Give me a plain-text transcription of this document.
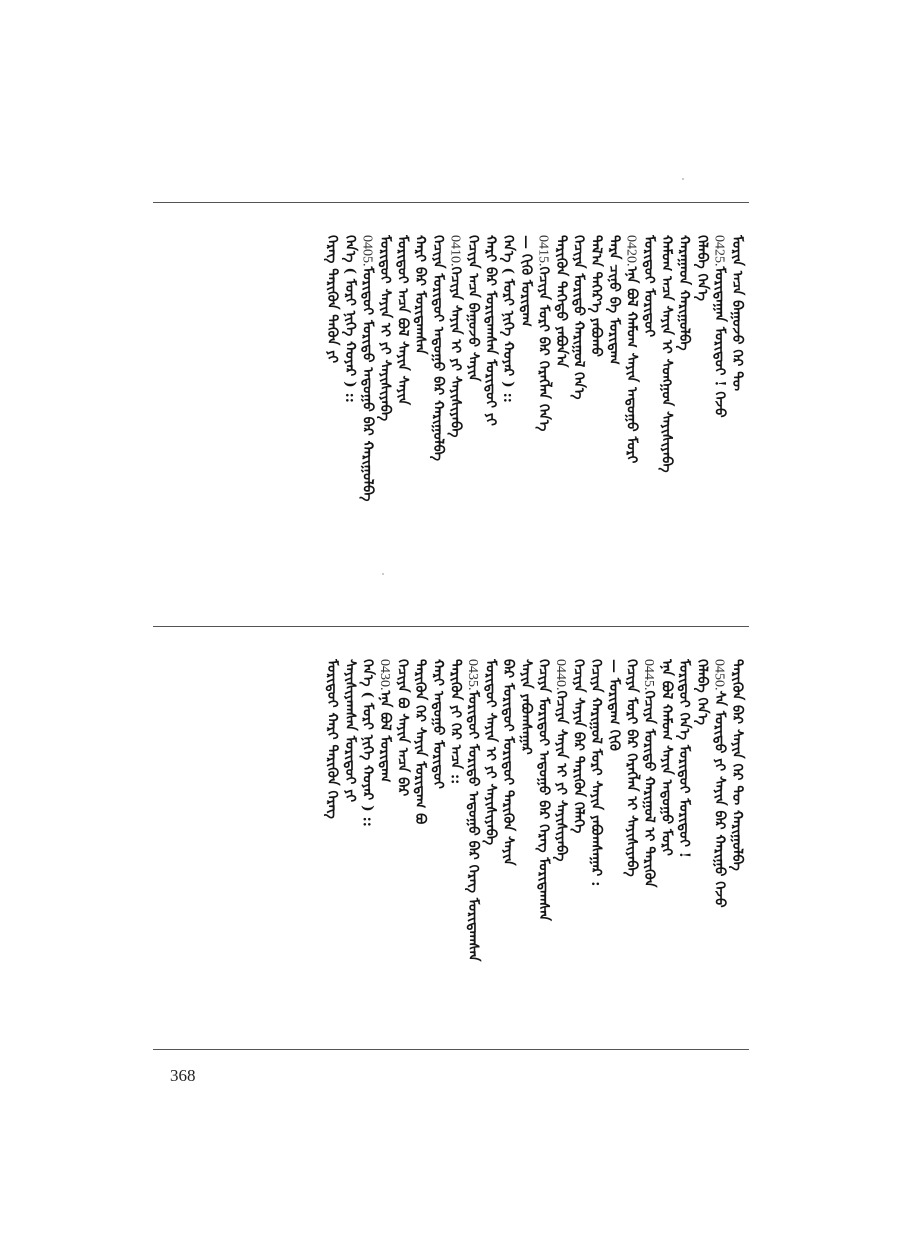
ᠮᠣᠷᠢᠨ ᠠᠴᠠ ᠪᠠᠭᠤᠵᠤ ᠭᠡᠷ ᠲᠦ
0425.ᠮᠣᠷᠢᠳᠠᠭᠠᠨ ᠮᠣᠷᠢᠳᠤᠢ ! ᠭᠡᠵᠦ
ᠬᠡᠯᠡᠪᠡ ᠭᠡᠨ᠎ᠡ
ᠬᠠᠷᠠᠭᠠᠳ ᠬᠠᠷᠢᠭᠤᠯᠪᠠ
ᠬᠠᠮᠤᠭ ᠠᠴᠠ ᠰᠠᠶᠢᠨ ᠢ ᠰᠣᠩᠭᠤᠨ ᠰᠠᠶᠢᠰᠢᠶᠠᠪᠠ
ᠮᠣᠷᠢᠳᠤᠢ ᠮᠣᠷᠢᠳᠤᠢ
0420.ᠡᠨᠡ ᠪᠣᠯ ᠬᠠᠮᠤᠭ ᠰᠠᠶᠢᠨ ᠠᠳᠤᠭᠤ ᠮᠣᠷᠢ
ᠲᠡᠷᠡ ᠴᠢᠨᠦ ᠪᠡ ᠮᠣᠷᠢᠳᠠᠭ
ᠲᠠᠯ᠎ᠠ ᠳᠡᠭᠡᠷ᠎ᠡ ᠶᠠᠪᠤᠬᠤ
ᠬᠡᠴᠢᠶᠡ ᠮᠣᠷᠢᠳᠤ ᠬᠠᠷᠢᠭᠤᠯ ᠭᠡᠨ᠎ᠡ
ᠲᠡᠷᠢᠭᠦᠨ ᠳᠡᠭᠡᠳᠦ ᠶᠠᠪᠤᠨ᠎ᠠ
0415.ᠬᠡᠴᠢᠶᠡ ᠮᠣᠷᠢ ᠪᠠᠷ ᠬᠡᠷᠡᠭᠯᠡᠨ ᠭᠡᠨ᠎ᠡ
— ᠬᠢᠬᠦ ᠮᠣᠷᠢᠳᠠᠭ
ᠭᠡᠨ᠎ᠡ ( ᠮᠣᠷᠢ ᠨᠢᠭᠡ ᠬᠣᠶᠠᠷ ) ::
ᠬᠠᠷᠢ ᠪᠠᠷ ᠮᠣᠷᠢᠳᠠᠭᠰᠠᠨ ᠮᠣᠷᠢᠳᠤᠢ ᠶᠢ
ᠬᠡᠴᠢᠶᠡ ᠠᠴᠠ ᠪᠠᠭᠤᠵᠤ ᠰᠠᠶᠢᠨ
0410.ᠬᠡᠴᠢᠶᠡ ᠰᠠᠶᠢᠨ ᠢ ᠶᠢ ᠰᠠᠶᠢᠰᠢᠶᠠᠪᠠ
ᠬᠡᠴᠢᠶᠡ ᠮᠣᠷᠢᠳᠤᠢ ᠠᠳᠤᠭᠤ ᠪᠠᠷ ᠬᠠᠷᠢᠭᠤᠯᠪᠠ
ᠬᠠᠷᠢ ᠪᠠᠷ ᠮᠣᠷᠢᠳᠠᠭᠰᠠᠨ
ᠮᠣᠷᠢᠳᠤᠢ ᠠᠴᠠ ᠪᠣᠯ ᠰᠠᠶᠢᠨ ᠰᠠᠶᠢᠨ
ᠮᠣᠷᠢᠳᠤᠢ ᠰᠠᠶᠢᠨ ᠢ ᠶᠢ ᠰᠠᠶᠢᠰᠢᠶᠠᠪᠠ
0405.ᠮᠣᠷᠢᠳᠤᠢ ᠮᠣᠷᠢᠳᠤ ᠠᠳᠤᠭᠤ ᠪᠠᠷ ᠬᠠᠷᠢᠭᠤᠯᠪᠠ
ᠭᠡᠨ᠎ᠡ ( ᠮᠣᠷᠢ ᠨᠢᠭᠡ ᠬᠣᠶᠠᠷ ) ::
ᠬᠡᠷᠡᠭ ᠲᠡᠷᠢᠭᠦᠨ ᠲᠡᠭᠦᠨ ᠶᠢ
ᠲᠡᠷᠢᠭᠦᠨ ᠪᠠᠷ ᠰᠠᠶᠢᠨ ᠭᠡᠷ ᠲᠦ ᠬᠠᠷᠢᠭᠤᠯᠪᠠ
0450.ᠰᠠ ᠮᠣᠷᠢᠳᠤ ᠶᠢ ᠰᠠᠶᠢᠨ ᠪᠠᠷ ᠬᠠᠷᠢᠭᠤ ᠭᠡᠵᠦ
ᠬᠡᠯᠡᠪᠡ ᠭᠡᠨ᠎ᠡ
ᠮᠣᠷᠢᠳᠤᠢ ᠭᠡᠨ᠎ᠡ ᠮᠣᠷᠢᠳᠤᠢ ᠮᠣᠷᠢᠳᠤᠢ !
ᠡᠨᠡ ᠪᠣᠯ ᠬᠠᠮᠤᠭ ᠰᠠᠶᠢᠨ ᠠᠳᠤᠭᠤ ᠮᠣᠷᠢ
0445.ᠬᠡᠴᠢᠶᠡ ᠮᠣᠷᠢᠳᠤ ᠬᠠᠷᠢᠭᠤᠯ ᠢ ᠲᠡᠷᠢᠭᠦᠨ
ᠬᠡᠴᠢᠶᠡ ᠮᠣᠷᠢ ᠪᠠᠷ ᠬᠡᠷᠡᠭᠯᠡᠨ ᠢ ᠰᠠᠶᠢᠰᠢᠶᠠᠪᠠ
— ᠮᠣᠷᠢᠳᠠᠭ ᠬᠢᠬᠦ
ᠬᠡᠴᠢᠶᠡ ᠬᠠᠷᠢᠭᠤᠯ ᠮᠣᠷᠢ ᠰᠠᠶᠢᠨ ᠶᠠᠪᠤᠭᠰᠠᠭᠠᠷ :
ᠬᠡᠴᠢᠶᠡ ᠰᠠᠶᠢᠨ ᠪᠠᠷ ᠲᠡᠷᠢᠭᠦᠨ ᠭᠡᠯᠡᠭᠡ
0440.ᠬᠡᠴᠢᠶᠡ ᠰᠠᠶᠢᠨ ᠢ ᠶᠢ ᠰᠠᠶᠢᠰᠢᠶᠠᠪᠠ
ᠬᠡᠴᠢᠶᠡ ᠮᠣᠷᠢᠳᠤᠢ ᠠᠳᠤᠭᠤ ᠪᠠᠷ ᠬᠡᠷᠡᠭ ᠮᠣᠷᠢᠳᠠᠭᠰᠠᠨ
ᠰᠠᠶᠢᠨ ᠶᠠᠪᠤᠭᠰᠠᠭᠠᠷ
ᠪᠠᠷ ᠮᠣᠷᠢᠳᠤᠢ ᠮᠣᠷᠢᠳᠤᠢ ᠲᠡᠷᠢᠭᠦᠨ ᠰᠠᠶᠢᠨ
ᠮᠣᠷᠢᠳᠤᠢ ᠰᠠᠶᠢᠨ ᠢ ᠶᠢ ᠰᠠᠶᠢᠰᠢᠶᠠᠪᠠ
0435.ᠮᠣᠷᠢᠳᠤᠢ ᠮᠣᠷᠢᠳᠤ ᠠᠳᠤᠭᠤ ᠪᠠᠷ ᠬᠡᠷᠡᠭ ᠮᠣᠷᠢᠳᠠᠭᠰᠠᠨ
ᠲᠡᠷᠢᠭᠦᠨ ᠶᠢ ᠭᠡᠷ ᠠᠴᠠ ::
ᠬᠠᠷᠢ ᠠᠳᠤᠭᠤ ᠮᠣᠷᠢᠳᠤᠢ
ᠲᠡᠷᠢᠭᠦᠨ ᠬᠡᠷ ᠰᠠᠶᠢᠨ ᠮᠣᠷᠢᠳᠠᠭ ᠪᠣ
ᠬᠡᠴᠢᠶᠡ ᠪᠣ ᠰᠠᠶᠢᠨ ᠠᠴᠠ ᠪᠠᠷ
0430.ᠡᠨᠡ ᠪᠣᠯ ᠮᠣᠷᠢᠳᠠᠭ
ᠭᠡᠨ᠎ᠡ ( ᠮᠣᠷᠢ ᠨᠢᠭᠡ ᠬᠣᠶᠠᠷ ) ::
ᠰᠠᠶᠢᠰᠢᠶᠠᠭᠰᠠᠨ ᠮᠣᠷᠢᠳᠤᠢ ᠶᠢ
ᠮᠣᠷᠢᠳᠤᠢ ᠬᠠᠷᠢ ᠲᠡᠷᠢᠭᠦᠨ ᠬᠡᠷᠡᠭ
368
